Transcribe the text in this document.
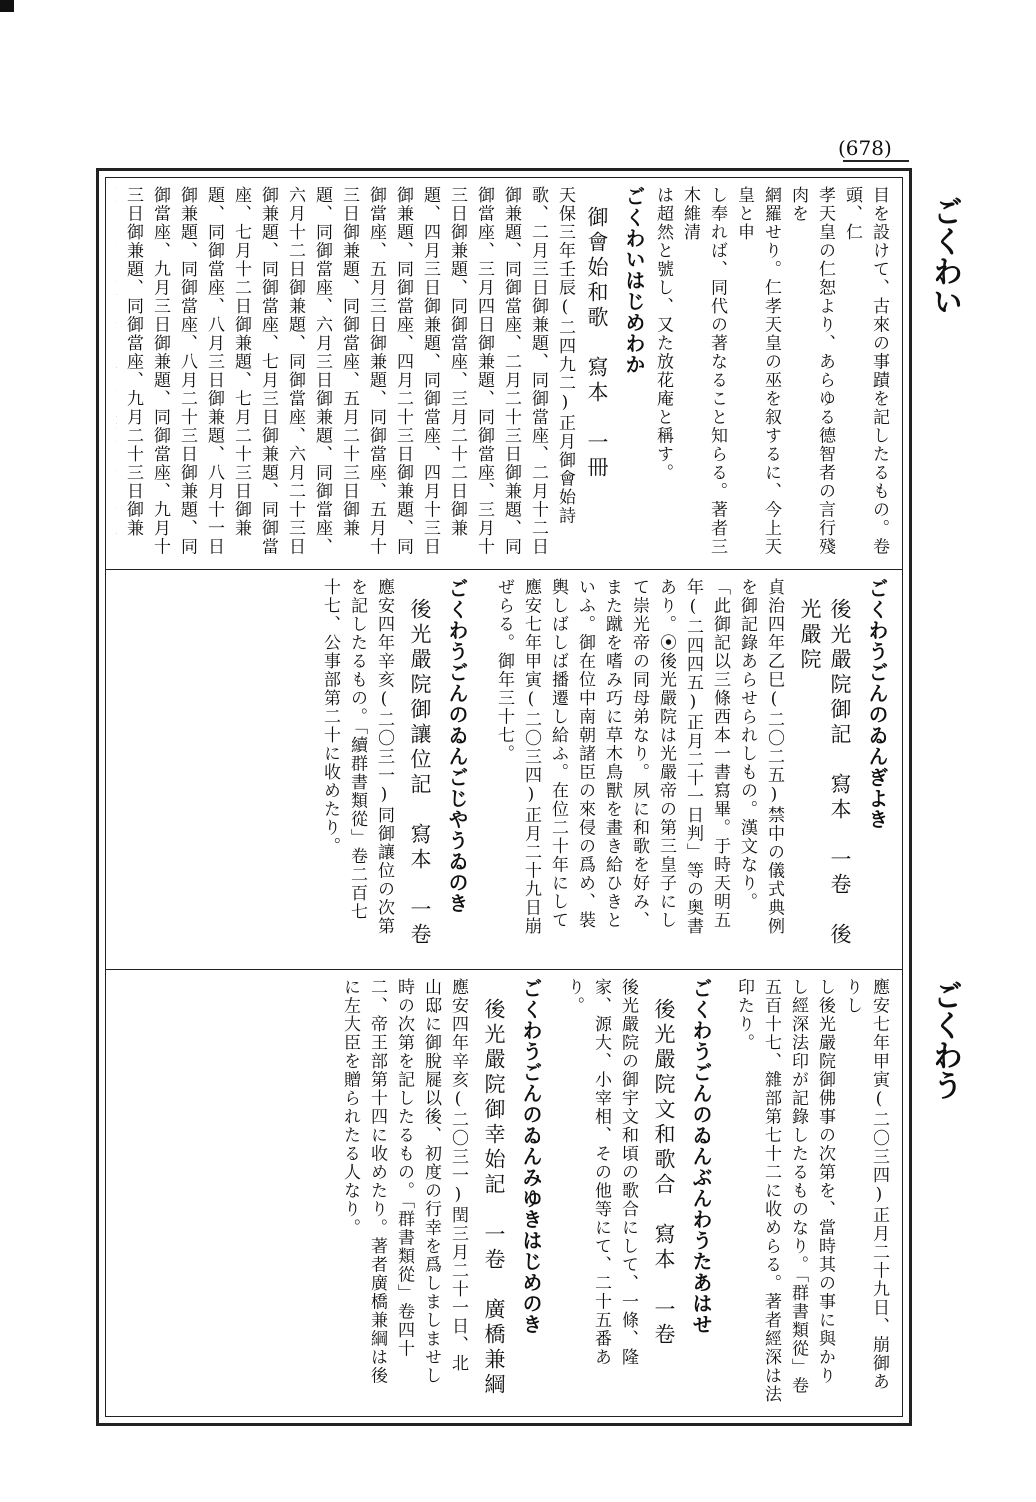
(678)
ごくわい
ごくわう
目を設けて、古來の事蹟を記したるもの。卷頭、仁
孝天皇の仁恕より、あらゆる德智者の言行殘肉を
網羅せり。仁孝天皇の巫を叙するに、今上天皇と申
し奉れば、同代の著なること知らる。著者三木維清
は超然と號し、又た放花庵と稱す。
ごくわいはじめわか
御會始和歌　寫本　一冊
天保三年壬辰(二四九二)正月御會始詩歌、二月三日御兼題、同御當座、二月十二日御兼題、同御當座、二月二十三日御兼題、同御當座、三月四日御兼題、同御當座、三月十三日御兼題、同御當座、三月二十二日御兼題、四月三日御兼題、同御當座、四月十三日御兼題、同御當座、四月二十三日御兼題、同御當座、五月三日御兼題、同御當座、五月十三日御兼題、同御當座、五月二十三日御兼題、同御當座、六月三日御兼題、同御當座、六月十二日御兼題、同御當座、六月二十三日御兼題、同御當座、七月三日御兼題、同御當座、七月十二日御兼題、七月二十三日御兼題、同御當座、八月三日御兼題、八月十一日御兼題、同御當座、八月二十三日御兼題、同御當座、九月三日御兼題、同御當座、九月十三日御兼題、同御當座、九月二十三日御兼
ごくわうごんのゐんぎよき
後光嚴院御記　寫本　一卷　後光嚴院
貞治四年乙巳(二〇二五)禁中の儀式典例を御記錄あらせられしもの。漢文なり。「此御記以三條西本一書寫畢。于時天明五年(二四四五)正月二十一日判」等の奥書あり。⦿後光嚴院は光嚴帝の第三皇子にして崇光帝の同母弟なり。夙に和歌を好み、また蹴を嗜み巧に草木鳥獸を畫き給ひきといふ。御在位中南朝諸臣の來侵の爲め、裝輿しばしば播遷し給ふ。在位二十年にして應安七年甲寅(二〇三四)正月二十九日崩ぜらる。御年三十七。
ごくわうごんのゐんごじやうゐのき
後光嚴院御讓位記　寫本　一卷
應安四年辛亥(二〇三一)同御讓位の次第を記したるもの。「續群書類從」卷二百七十七、公事部第二十に收めたり。
應安七年甲寅(二〇三四)正月二十九日、崩御ありし
し後光嚴院御佛事の次第を、當時其の事に與かり
し經深法印が記錄したるものなり。「群書類從」卷
五百十七、雜部第七十二に收めらる。著者經深は法
印たり。
ごくわうごんのゐんぶんわうたあはせ
後光嚴院文和歌合　寫本　一卷
後光嚴院の御宇文和頃の歌合にして、一條、隆家、源大、小宰相、その他等にて、二十五番あり。
ごくわうごんのゐんみゆきはじめのき
後光嚴院御幸始記　一卷　廣橋兼綱
應安四年辛亥(二〇三一)閏三月二十一日、北山邸に御脫屣以後、初度の行幸を爲しましませし時の次第を記したるもの。「群書類從」卷四十二、帝王部第十四に收めたり。著者廣橋兼綱は後に左大臣を贈られたる人なり。
